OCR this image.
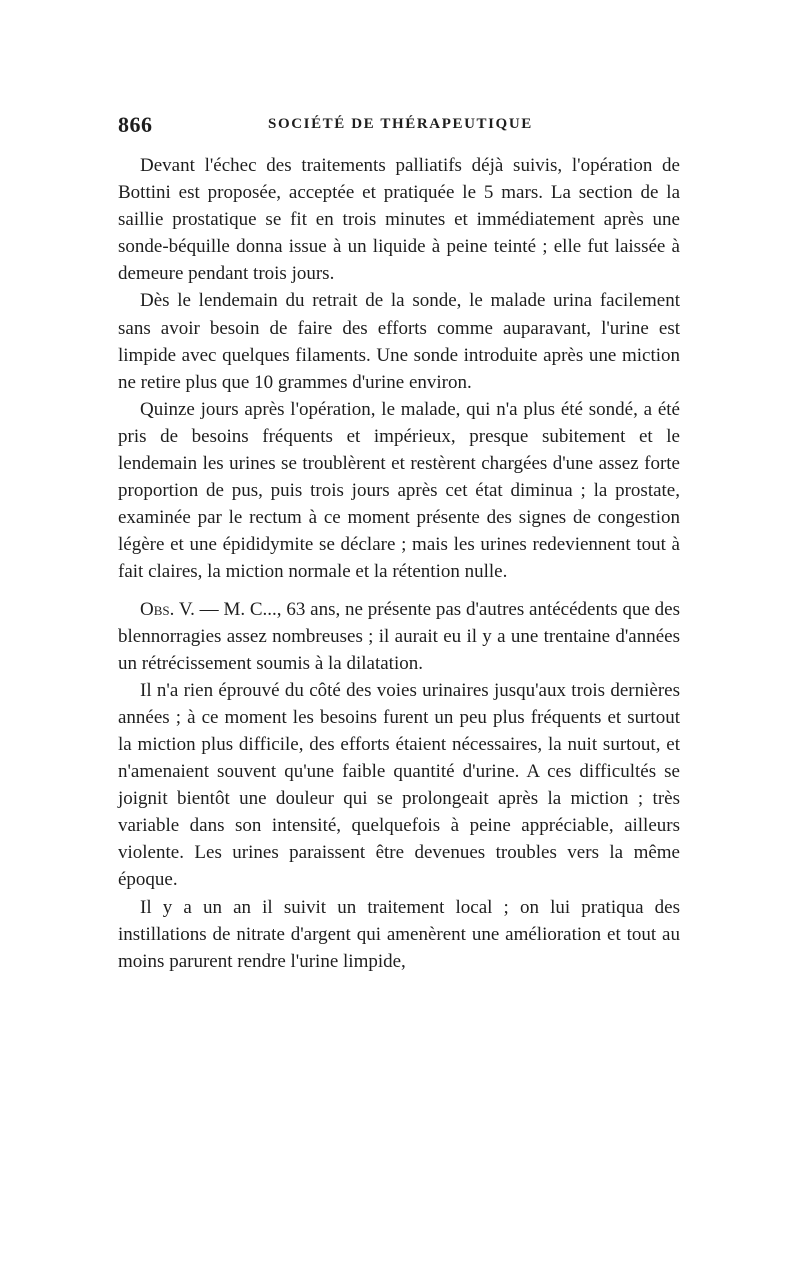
866	SOCIÉTÉ DE THÉRAPEUTIQUE

Devant l'échec des traitements palliatifs déjà suivis, l'opération de Bottini est proposée, acceptée et pratiquée le 5 mars. La section de la saillie prostatique se fit en trois minutes et immédiatement après une sonde-béquille donna issue à un liquide à peine teinté ; elle fut laissée à demeure pendant trois jours.

Dès le lendemain du retrait de la sonde, le malade urina facilement sans avoir besoin de faire des efforts comme auparavant, l'urine est limpide avec quelques filaments. Une sonde introduite après une miction ne retire plus que 10 grammes d'urine environ.

Quinze jours après l'opération, le malade, qui n'a plus été sondé, a été pris de besoins fréquents et impérieux, presque subitement et le lendemain les urines se troublèrent et restèrent chargées d'une assez forte proportion de pus, puis trois jours après cet état diminua ; la prostate, examinée par le rectum à ce moment présente des signes de congestion légère et une épididymite se déclare ; mais les urines redeviennent tout à fait claires, la miction normale et la rétention nulle.

Obs. V. — M. C..., 63 ans, ne présente pas d'autres antécédents que des blennorragies assez nombreuses ; il aurait eu il y a une trentaine d'années un rétrécissement soumis à la dilatation.

Il n'a rien éprouvé du côté des voies urinaires jusqu'aux trois dernières années ; à ce moment les besoins furent un peu plus fréquents et surtout la miction plus difficile, des efforts étaient nécessaires, la nuit surtout, et n'amenaient souvent qu'une faible quantité d'urine. A ces difficultés se joignit bientôt une douleur qui se prolongeait après la miction ; très variable dans son intensité, quelquefois à peine appréciable, ailleurs violente. Les urines paraissent être devenues troubles vers la même époque.

Il y a un an il suivit un traitement local ; on lui pratiqua des instillations de nitrate d'argent qui amenèrent une amélioration et tout au moins parurent rendre l'urine limpide,
